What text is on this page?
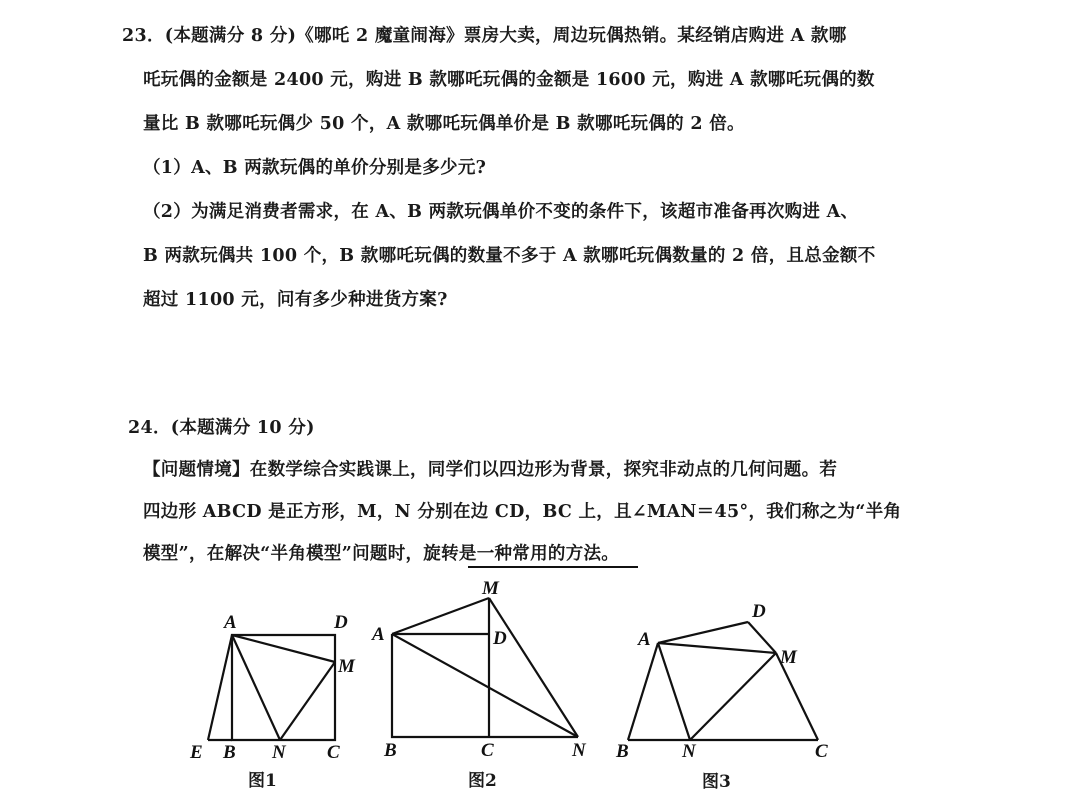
23．(本题满分 8 分)《哪吒 2 魔童闹海》票房大卖，周边玩偶热销。某经销店购进 A 款哪
吒玩偶的金额是 2400 元，购进 B 款哪吒玩偶的金额是 1600 元，购进 A 款哪吒玩偶的数
量比 B 款哪吒玩偶少 50 个，A 款哪吒玩偶单价是 B 款哪吒玩偶的 2 倍。
（1）A、B 两款玩偶的单价分别是多少元?
（2）为满足消费者需求，在 A、B 两款玩偶单价不变的条件下，该超市准备再次购进 A、
B 两款玩偶共 100 个，B 款哪吒玩偶的数量不多于 A 款哪吒玩偶数量的 2 倍，且总金额不
超过 1100 元，问有多少种进货方案?
24．(本题满分 10 分)
【问题情境】在数学综合实践课上，同学们以四边形为背景，探究非动点的几何问题。若
四边形 ABCD 是正方形，M，N 分别在边 CD，BC 上，且∠MAN＝45°，我们称之为“半角
模型”，在解决“半角模型”问题时，旋转是一种常用的方法。
A	D
M
E B N C
图1
M
A	D
B	C	N
图2
D
A
M
B	N	C
图3
